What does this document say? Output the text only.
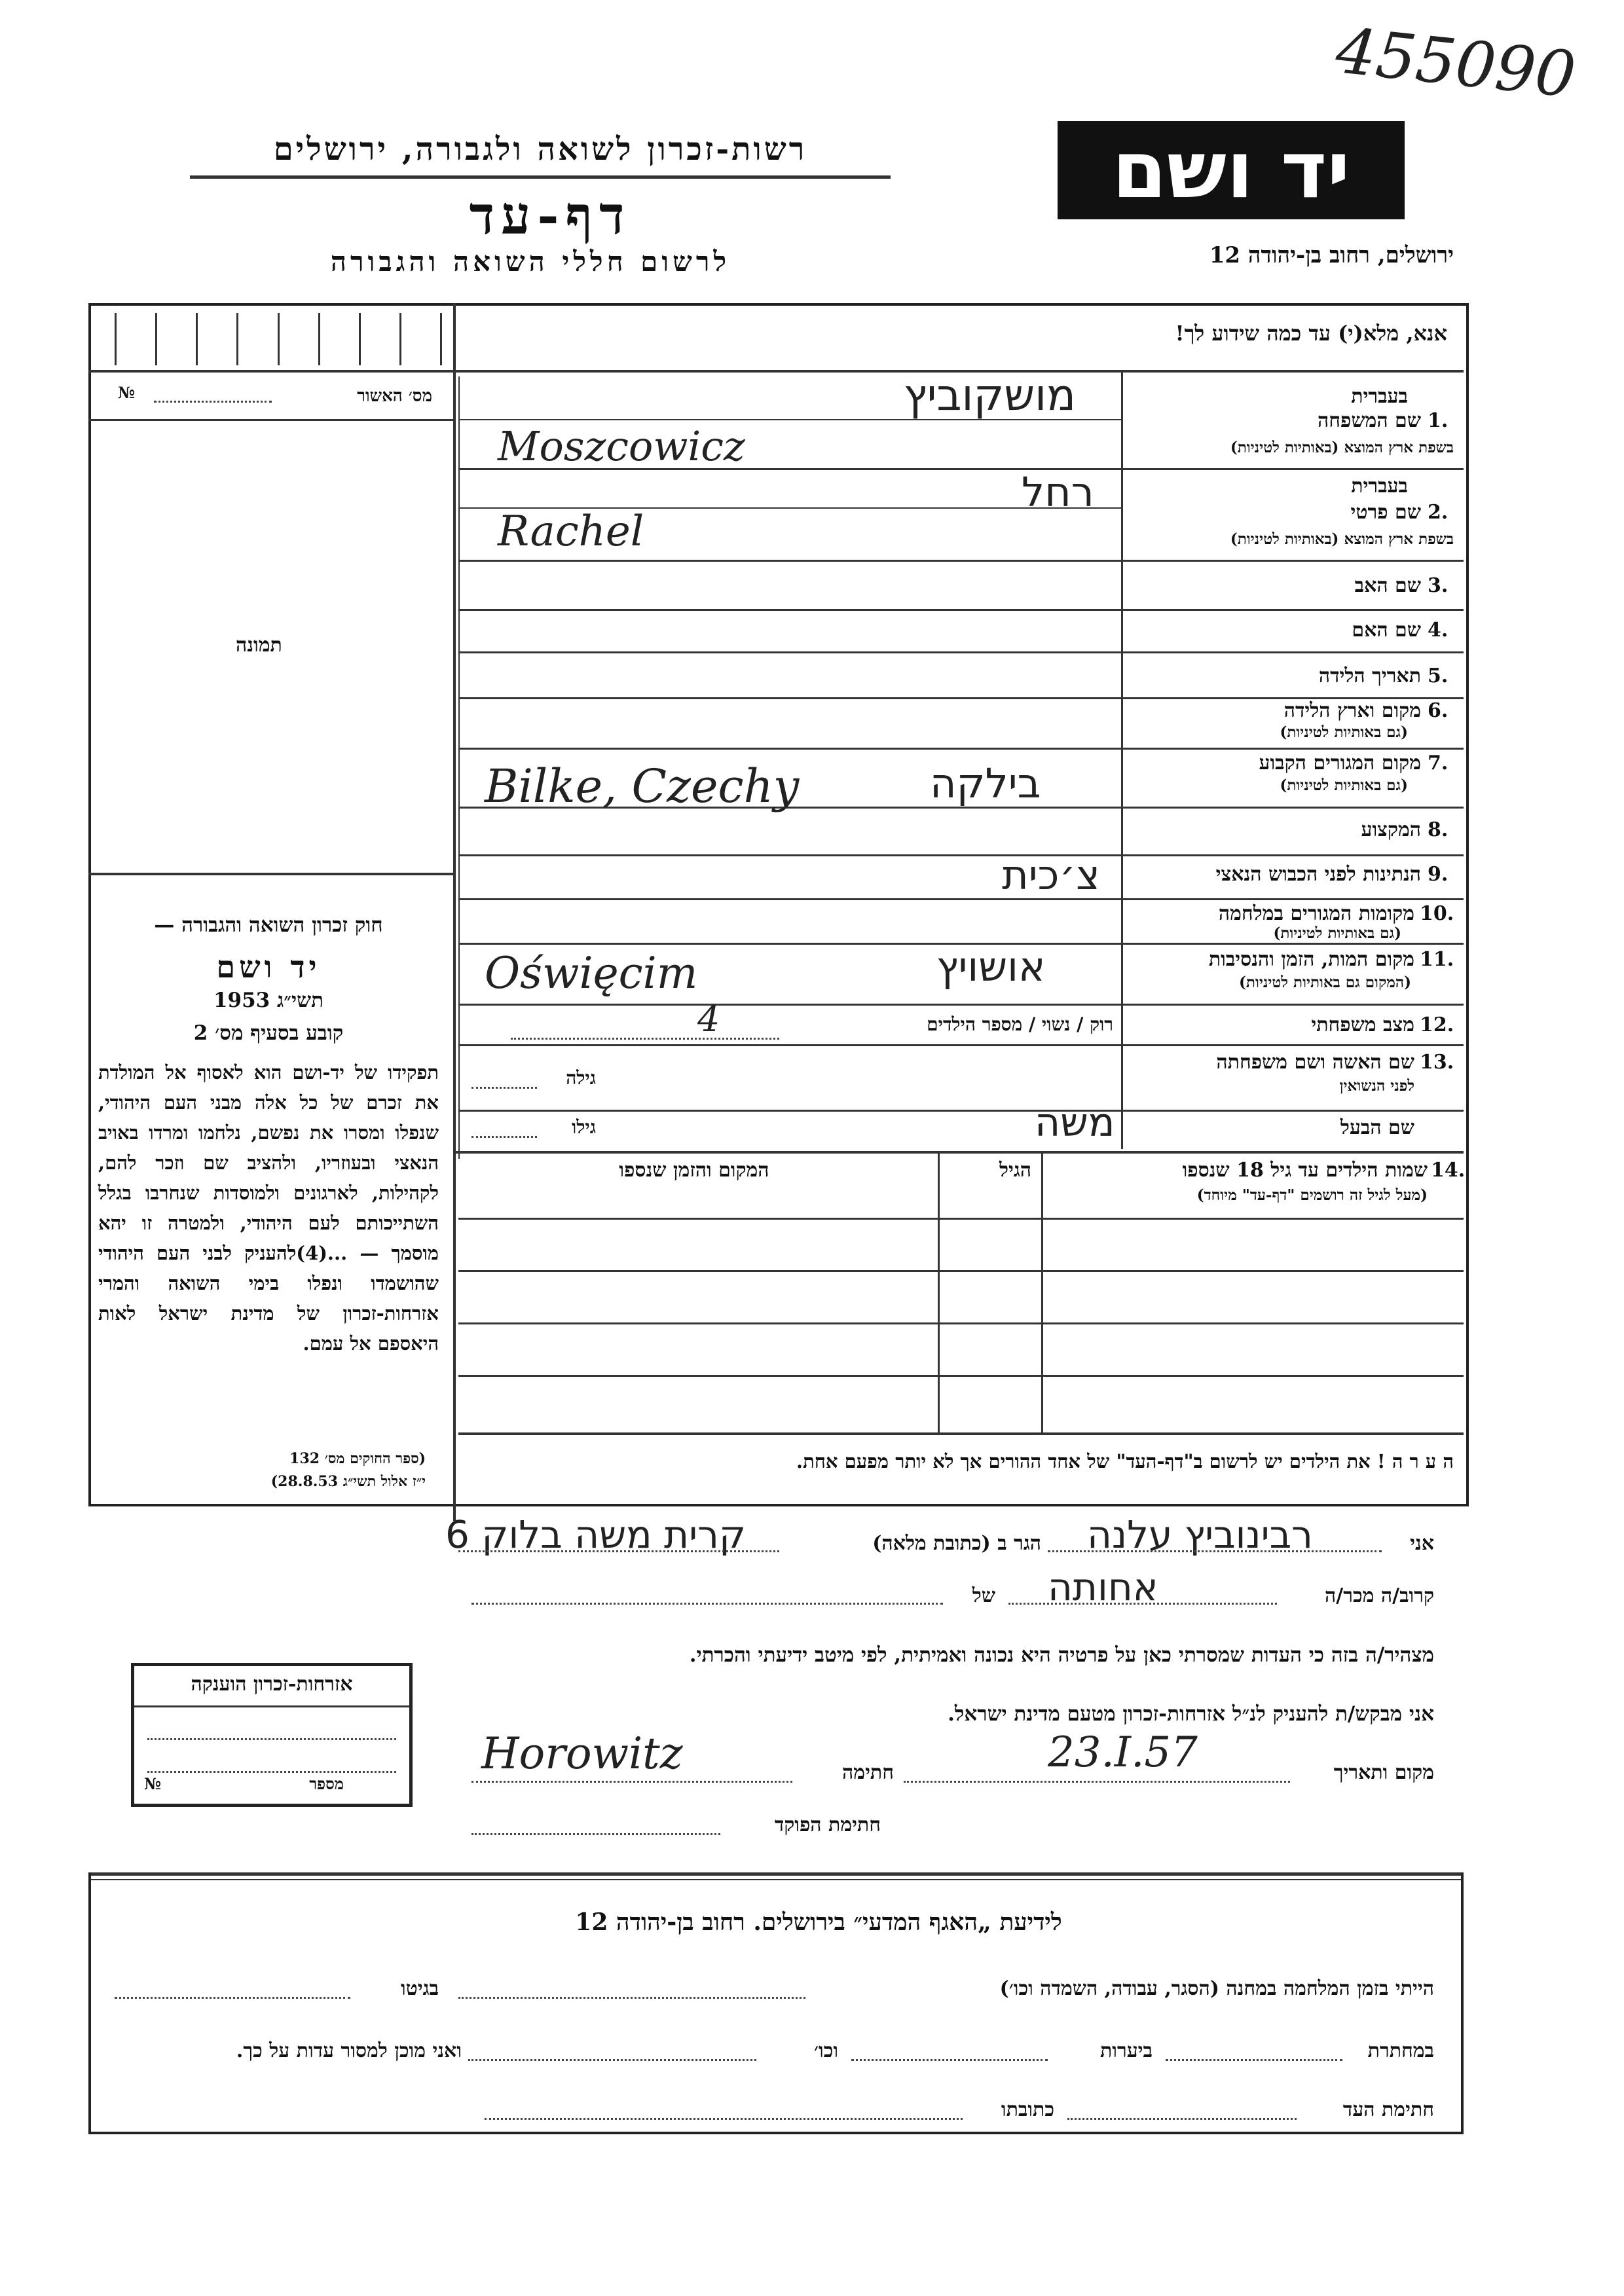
455090
יד ושם
ירושלים, רחוב בן-יהודה 12
רשות-זכרון לשואה ולגבורה, ירושלים
דף-עד
לרשום חללי השואה והגבורה
מס׳ האשור
№
תמונה
אנא, מלא(י) עד כמה שידוע לך!
1.
בעברית
שם המשפחה
בשפת ארץ המוצא (באותיות לטיניות)
מושקוביץ
Moszcowicz
2.
בעברית
שם פרטי
בשפת ארץ המוצא (באותיות לטיניות)
רחל
Rachel
3.
שם האב
4.
שם האם
5.
תאריך הלידה
6.
מקום וארץ הלידה
(גם באותיות לטיניות)
7.
מקום המגורים הקבוע
(גם באותיות לטיניות)
Bilke, Czechy	בילקה
8.
המקצוע
9.
הנתינות לפני הכבוש הנאצי
צ׳כית
10.
מקומות המגורים במלחמה
(גם באותיות לטיניות)
11.
מקום המות, הזמן והנסיבות
(המקום גם באותיות לטיניות)
Oświęcim	אושויץ
12.
מצב משפחתי
רוק / נשוי / מספר הילדים
4
13.
שם האשה ושם משפחתה
לפני הנשואין
גילה
שם הבעל
משה
גילו
14.
שמות הילדים עד גיל 18 שנספו
(מעל לגיל זה רושמים "דף-עד" מיוחד)
הגיל
המקום והזמן שנספו
ה ע ר ה ! את הילדים יש לרשום ב"דף-העד" של אחד ההורים אך לא יותר מפעם אחת.
חוק זכרון השואה והגבורה —
יד ושם
תשי״ג 1953
קובע בסעיף מס׳ 2
תפקידו של יד-ושם הוא לאסוף אל המולדת את זכרם של כל אלה מבני העם היהודי, שנפלו ומסרו את נפשם, נלחמו ומרדו באויב הנאצי ובעוזריו, ולהציב שם וזכר להם, לקהילות, לארגונים ולמוסדות שנחרבו בגלל השתייכותם לעם היהודי, ולמטרה זו יהא מוסמך — ...(4)להעניק לבני העם היהודי שהושמדו ונפלו בימי השואה והמרי אזרחות-זכרון של מדינת ישראל לאות היאספם אל עמם.
(ספר החוקים מס׳ 132
י״ז אלול תשי״ג 28.8.53)
אני
רבינוביץ עלנה
הגר ב (כתובת מלאה)
קרית משה בלוק 6
קרוב/ה מכר/ה
אחותה
של
מצהיר/ה בזה כי העדות שמסרתי כאן על פרטיה היא נכונה ואמיתית, לפי מיטב ידיעתי והכרתי.
אני מבקש/ת להעניק לנ״ל אזרחות-זכרון מטעם מדינת ישראל.
מקום ותאריך
23.I.57
חתימה
Horowitz
חתימת הפוקד
אזרחות-זכרון הוענקה
מספר
№
לידיעת „האגף המדעי״ בירושלים. רחוב בן-יהודה 12
הייתי בזמן המלחמה במחנה (הסגר, עבודה, השמדה וכו׳)
בגיטו
במחתרת
ביערות
וכו׳
ואני מוכן למסור עדות על כך.
חתימת העד
כתובתו
